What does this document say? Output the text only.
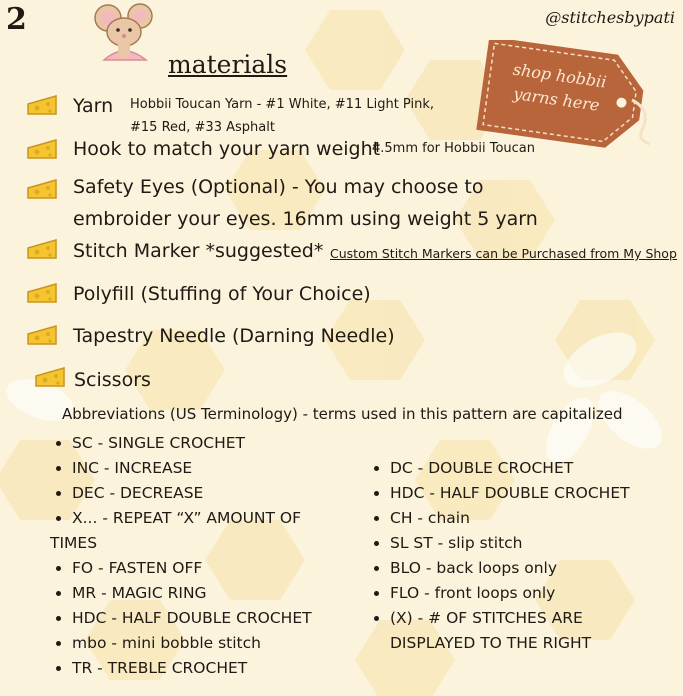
2	@stitchesbypati
materials	shop hobbii
yarns here
Yarn Hobbii Toucan Yarn - #1 White, #11 Light Pink,
#15 Red, #33 Asphalt
Hook to match your yarn weight
4.5mm for Hobbii Toucan
Safety Eyes (Optional) - You may choose to
embroider your eyes. 16mm using weight 5 yarn
Stitch Marker *suggested* Custom Stitch Markers can be Purchased from My Shop
Polyfill (Stuffing of Your Choice)
Tapestry Needle (Darning Needle)
Scissors
Abbreviations (US Terminology) - terms used in this pattern are capitalized
• SC - SINGLE CROCHET
• INC - INCREASE
• DEC - DECREASE
• X... - REPEAT “X” AMOUNT OF
TIMES
• FO - FASTEN OFF
• MR - MAGIC RING
• HDC - HALF DOUBLE CROCHET
• mbo - mini bobble stitch
• TR - TREBLE CROCHET
• DC - DOUBLE CROCHET
• HDC - HALF DOUBLE CROCHET
• CH - chain
• SL ST - slip stitch
• BLO - back loops only
• FLO - front loops only
• (X) - # OF STITCHES ARE
DISPLAYED TO THE RIGHT
